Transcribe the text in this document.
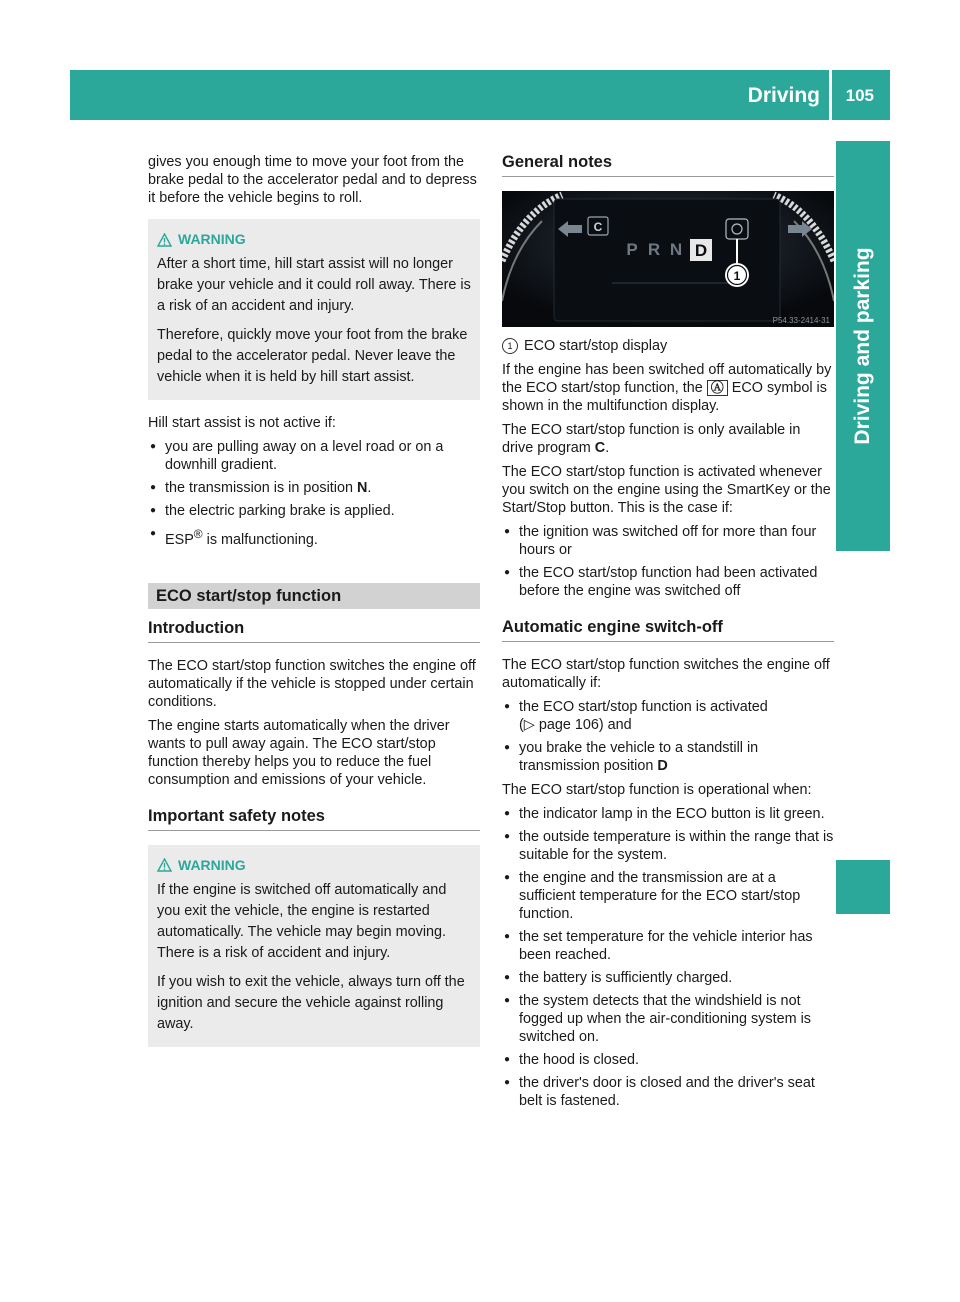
Driving 105
Driving and parking

gives you enough time to move your foot from the brake pedal to the accelerator pedal and to depress it before the vehicle begins to roll.

WARNING

After a short time, hill start assist will no longer brake your vehicle and it could roll away. There is a risk of an accident and injury.

Therefore, quickly move your foot from the brake pedal to the accelerator pedal. Never leave the vehicle when it is held by hill start assist.

Hill start assist is not active if:

● you are pulling away on a level road or on a downhill gradient.
● the transmission is in position N.
● the electric parking brake is applied.
● ESP® is malfunctioning.
ECO start/stop function
Introduction

The ECO start/stop function switches the engine off automatically if the vehicle is stopped under certain conditions.

The engine starts automatically when the driver wants to pull away again. The ECO start/stop function thereby helps you to reduce the fuel consumption and emissions of your vehicle.

Important safety notes
WARNING

If the engine is switched off automatically and you exit the vehicle, the engine is restarted automatically. The vehicle may begin moving. There is a risk of accident and injury.

If you wish to exit the vehicle, always turn off the ignition and secure the vehicle against rolling away.

General notes
C
P R N D
1
P54.33-2414-31

1 ECO start/stop display

If the engine has been switched off automatically by the ECO start/stop function, the Ⓐ ECO symbol is shown in the multifunction display.

The ECO start/stop function is only available in drive program C.

The ECO start/stop function is activated whenever you switch on the engine using the SmartKey or the Start/Stop button. This is the case if:

● the ignition was switched off for more than four hours or
● the ECO start/stop function had been activated before the engine was switched off
Automatic engine switch-off

The ECO start/stop function switches the engine off automatically if:

● the ECO start/stop function is activated
(▷ page 106) and
● you brake the vehicle to a standstill in transmission position D

The ECO start/stop function is operational when:

● the indicator lamp in the ECO button is lit green.
● the outside temperature is within the range that is suitable for the system.
● the engine and the transmission are at a sufficient temperature for the ECO start/stop function.
● the set temperature for the vehicle interior has been reached.
● the battery is sufficiently charged.
● the system detects that the windshield is not fogged up when the air-conditioning system is switched on.
● the hood is closed.
● the driver's door is closed and the driver's seat belt is fastened.
